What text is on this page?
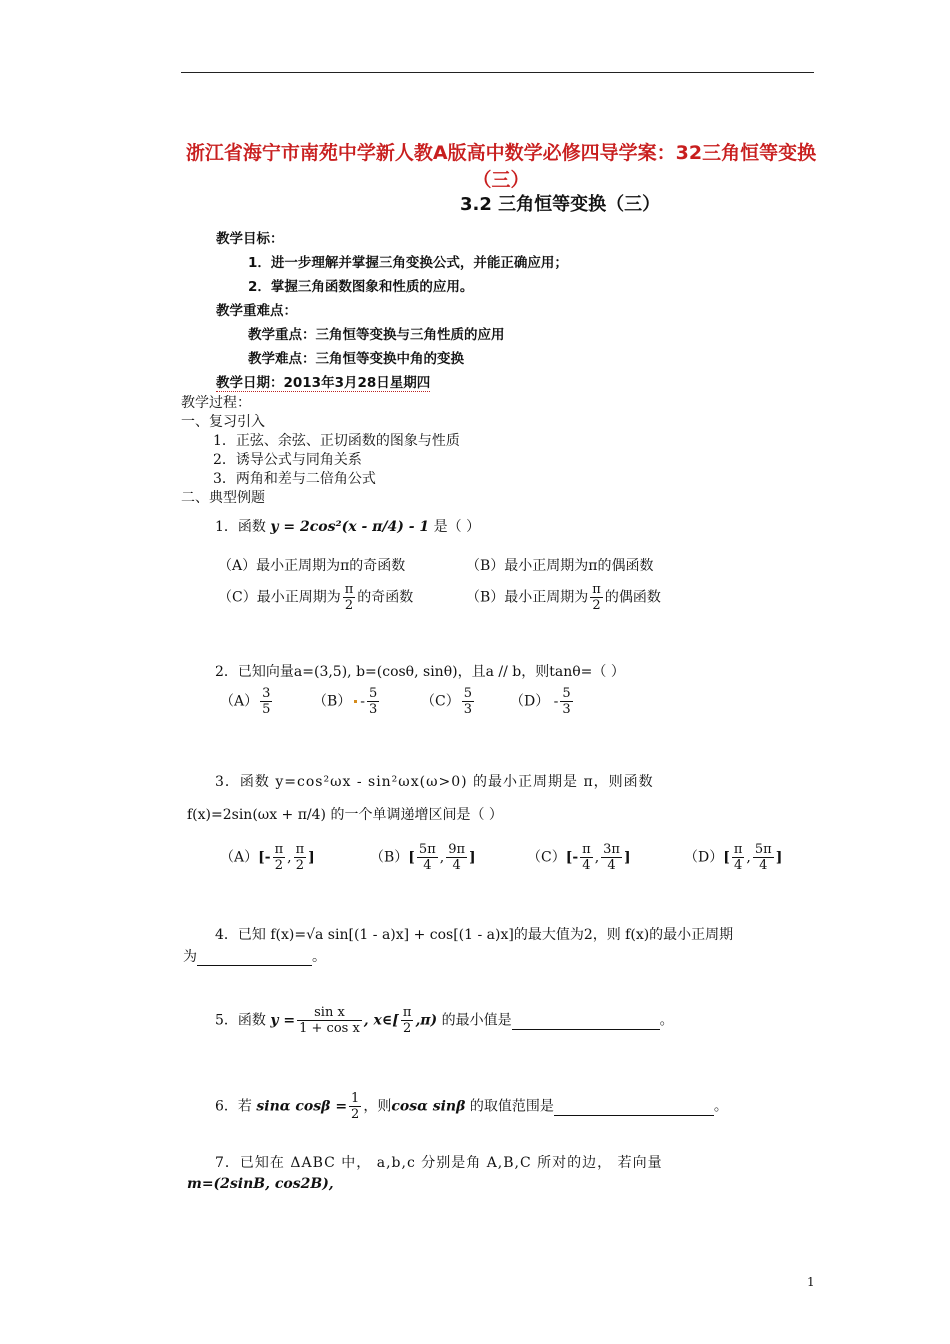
浙江省海宁市南苑中学新人教A版高中数学必修四导学案：32三角恒等变换（三）
3.2 三角恒等变换（三）
教学目标：
1．进一步理解并掌握三角变换公式，并能正确应用；
2．掌握三角函数图象和性质的应用。
教学重难点：
教学重点：三角恒等变换与三角性质的应用
教学难点：三角恒等变换中角的变换
教学日期：2013年3月28日星期四
教学过程：
一、复习引入
1．正弦、余弦、正切函数的图象与性质
2．诱导公式与同角关系
3．两角和差与二倍角公式
二、典型例题
1．函数 y = 2cos²(x - π/4) - 1 是（ ）
（A）最小正周期为π的奇函数	（B）最小正周期为π的偶函数
（C）最小正周期为 $\frac{\pi}{2}$ 的奇函数	（B）最小正周期为 $\frac{\pi}{2}$ 的偶函数
2．已知向量a=(3,5), b=(cosθ, sinθ)，且a // b，则tanθ=（ ）
$(A) \frac{3}{5}$	$(B) - \frac{5}{3}$	$(C) \frac{5}{3}$	$(D) - \frac{5}{3}$
3．函数 y=cos²ωx - sin²ωx(ω>0) 的最小正周期是 π，则函数
f(x)=2sin(ωx + π/4) 的一个单调递增区间是（ ）
$(A)[- \frac{\pi}{2}$ , $\frac{\pi}{2}$ ]	$(B)[ \frac{5\pi}{4}$ , $\frac{9\pi}{4}$ ]	$(C)[- \frac{\pi}{4}$ , $\frac{3\pi}{4}$ ]	$(D)[ \frac{\pi}{4}$ , $\frac{5\pi}{4}$ ]
4．已知 f(x)=√a sin[(1 - a)x] + cos[(1 - a)x]的最大值为2，则 f(x)的最小正周期
为	。
5．函数 $y = \frac{\text{sin x}}{\text{1 + cos x}}$ , x∈[ $\frac{\pi}{2} ,\pi$) 的最小值是	。
6．若 sinα $\cos\beta = \frac{1}{2}$ ，则cosα sinβ 的取值范围是	。
7．已知在 ΔABC 中， a,b,c 分别是角 A,B,C 所对的边， 若向量
m=(2sinB, cos2B),
1
